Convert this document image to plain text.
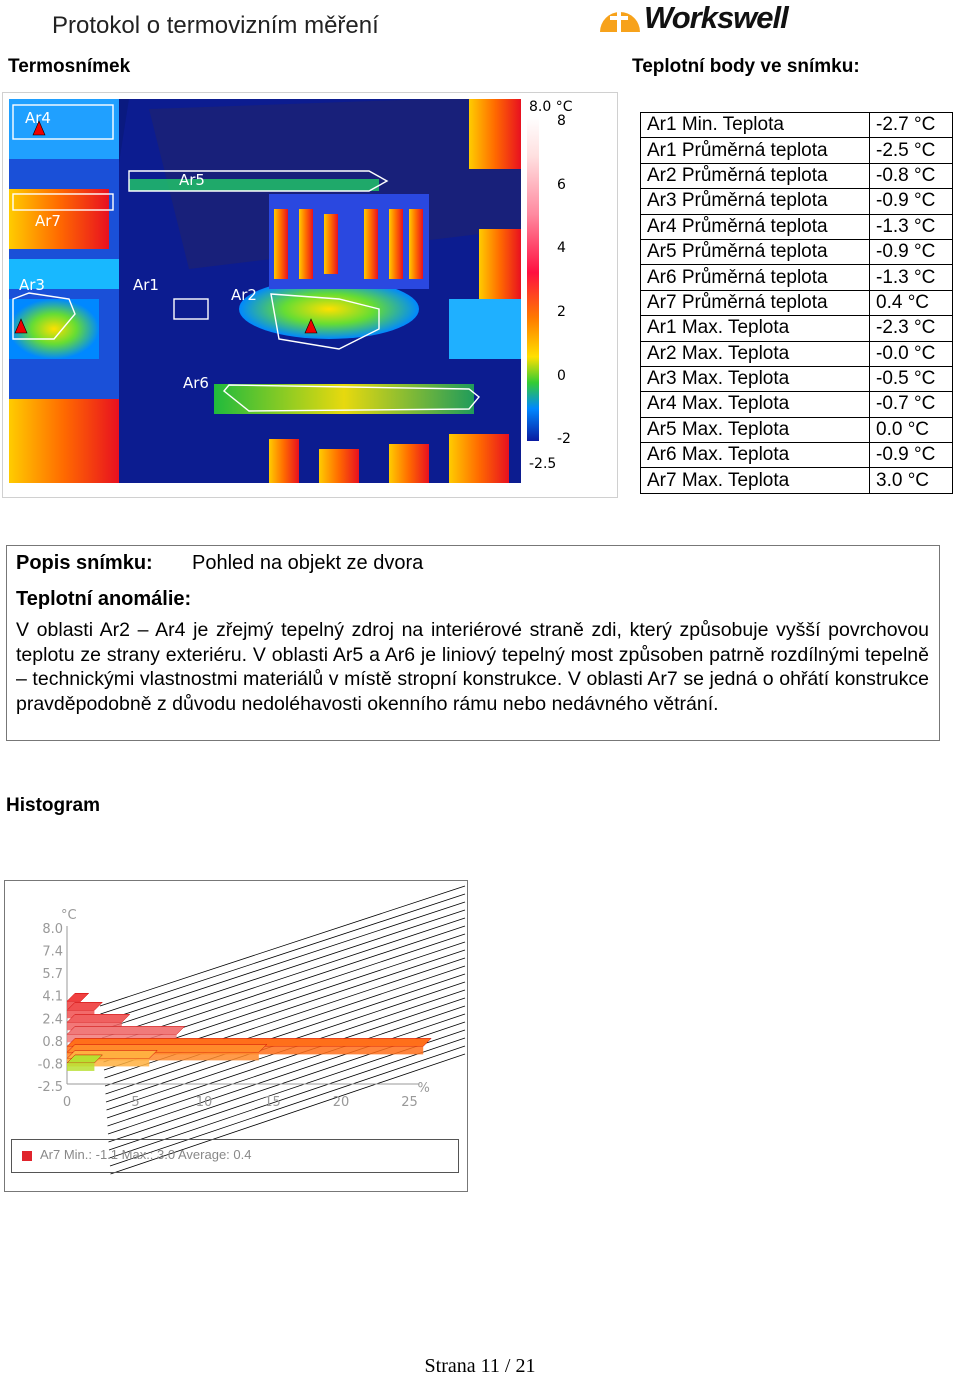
Protokol o termovizním měření	Workswell
Termosnímek	Teplotní body ve snímku:
Ar4
Ar5
Ar7
Ar3	Ar1
Ar2
Ar6
8.0 °C
8
6
4
2
0
-2
-2.5
Ar1 Min. Teplota	-2.7 °C
Ar1 Průměrná teplota	-2.5 °C
Ar2 Průměrná teplota	-0.8 °C
Ar3 Průměrná teplota	-0.9 °C
Ar4 Průměrná teplota	-1.3 °C
Ar5 Průměrná teplota	-0.9 °C
Ar6 Průměrná teplota	-1.3 °C
Ar7 Průměrná teplota	0.4 °C
Ar1 Max. Teplota	-2.3 °C
Ar2 Max. Teplota	-0.0 °C
Ar3 Max. Teplota	-0.5 °C
Ar4 Max. Teplota	-0.7 °C
Ar5 Max. Teplota	0.0 °C
Ar6 Max. Teplota	-0.9 °C
Ar7 Max. Teplota	3.0 °C
Popis snímku: Pohled na objekt ze dvora
Teplotní anomálie:
V oblasti Ar2 – Ar4 je zřejmý tepelný zdroj na interiérové straně zdi, který způsobuje vyšší povrchovou teplotu ze strany exteriéru. V oblasti Ar5 a Ar6 je liniový tepelný most způsoben patrně rozdílnými tepelně – technickými vlastnostmi materiálů v místě stropní konstrukce. V oblasti Ar7 se jedná o ohřátí konstrukce pravděpodobně z důvodu nedoléhavosti okenního rámu nebo nedávného větrání.
Histogram
8.0
7.4
5.7
4.1
2.4
0.8
-0.8
-2.5
0	5	10	15	20	25
°C
%
Ar7 Min.: -1.1 Max.: 3.0 Average: 0.4
Strana 11 / 21
